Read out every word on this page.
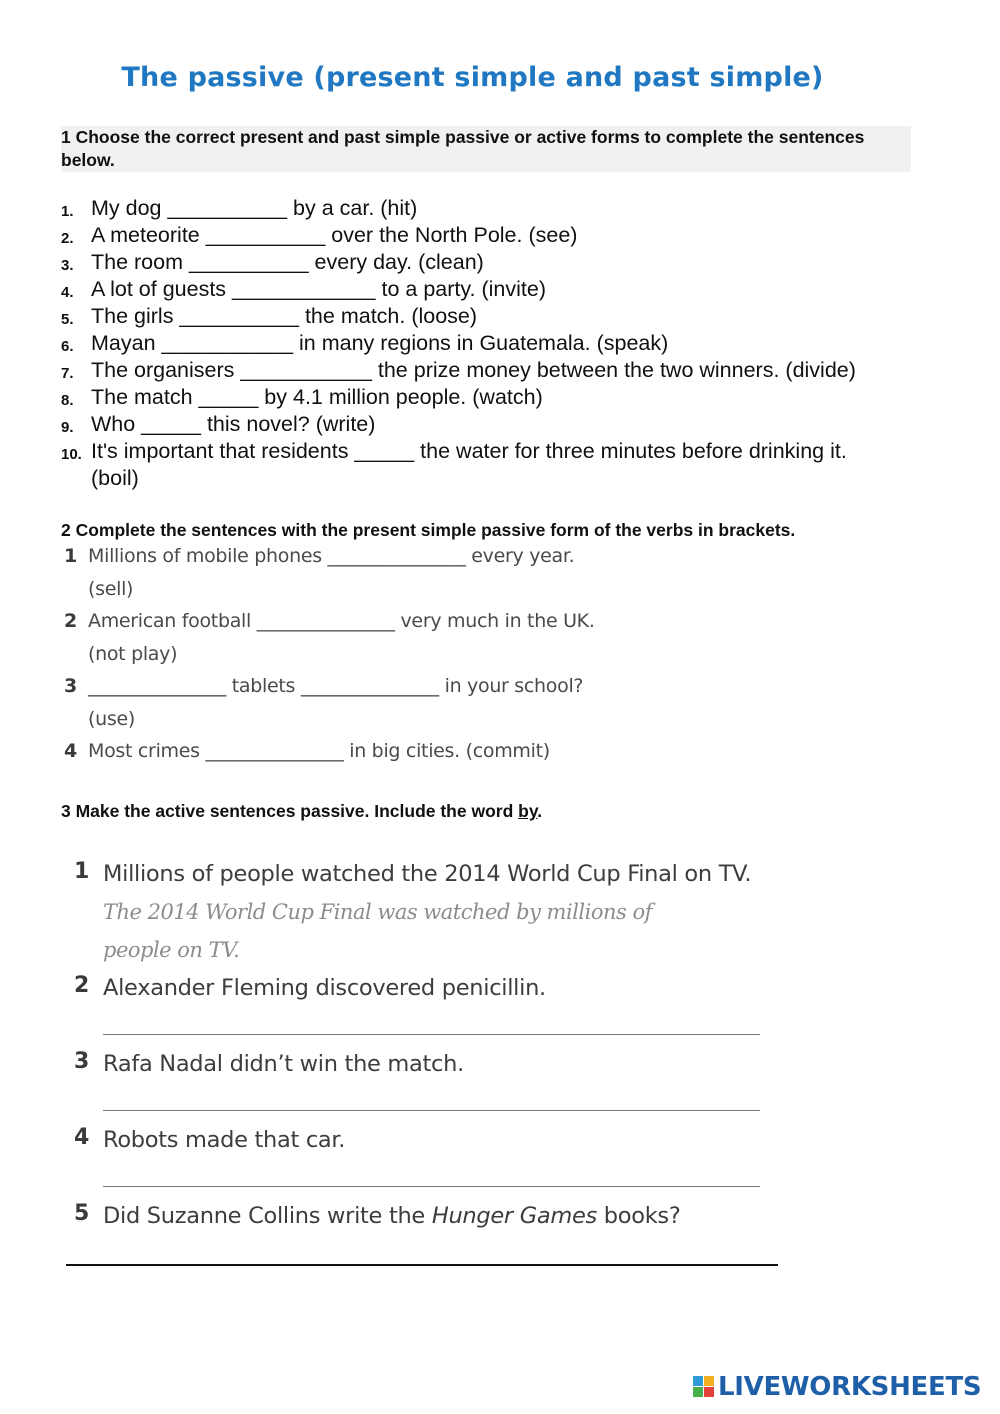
The passive (present simple and past simple)
1 Choose the correct present and past simple passive or active forms to complete the sentences below.
1. My dog __________ by a car. (hit)
2. A meteorite __________ over the North Pole. (see)
3. The room __________ every day. (clean)
4. A lot of guests ____________ to a party. (invite)
5. The girls __________ the match. (loose)
6. Mayan ___________ in many regions in Guatemala. (speak)
7. The organisers ___________ the prize money between the two winners. (divide)
8. The match _____ by 4.1 million people. (watch)
9. Who _____ this novel? (write)
10. It's important that residents _____ the water for three minutes before drinking it.
(boil)
2 Complete the sentences with the present simple passive form of the verbs in brackets.
1 Millions of mobile phones _______________ every year.
(sell)
2 American football _______________ very much in the UK.
(not play)
3 _______________ tablets _______________ in your school?
(use)
4 Most crimes _______________ in big cities. (commit)
3 Make the active sentences passive. Include the word by.
1 Millions of people watched the 2014 World Cup Final on TV.
The 2014 World Cup Final was watched by millions of
people on TV.
2 Alexander Fleming discovered penicillin.
3 Rafa Nadal didn’t win the match.
4 Robots made that car.
5 Did Suzanne Collins write the Hunger Games books?
LIVEWORKSHEETS
